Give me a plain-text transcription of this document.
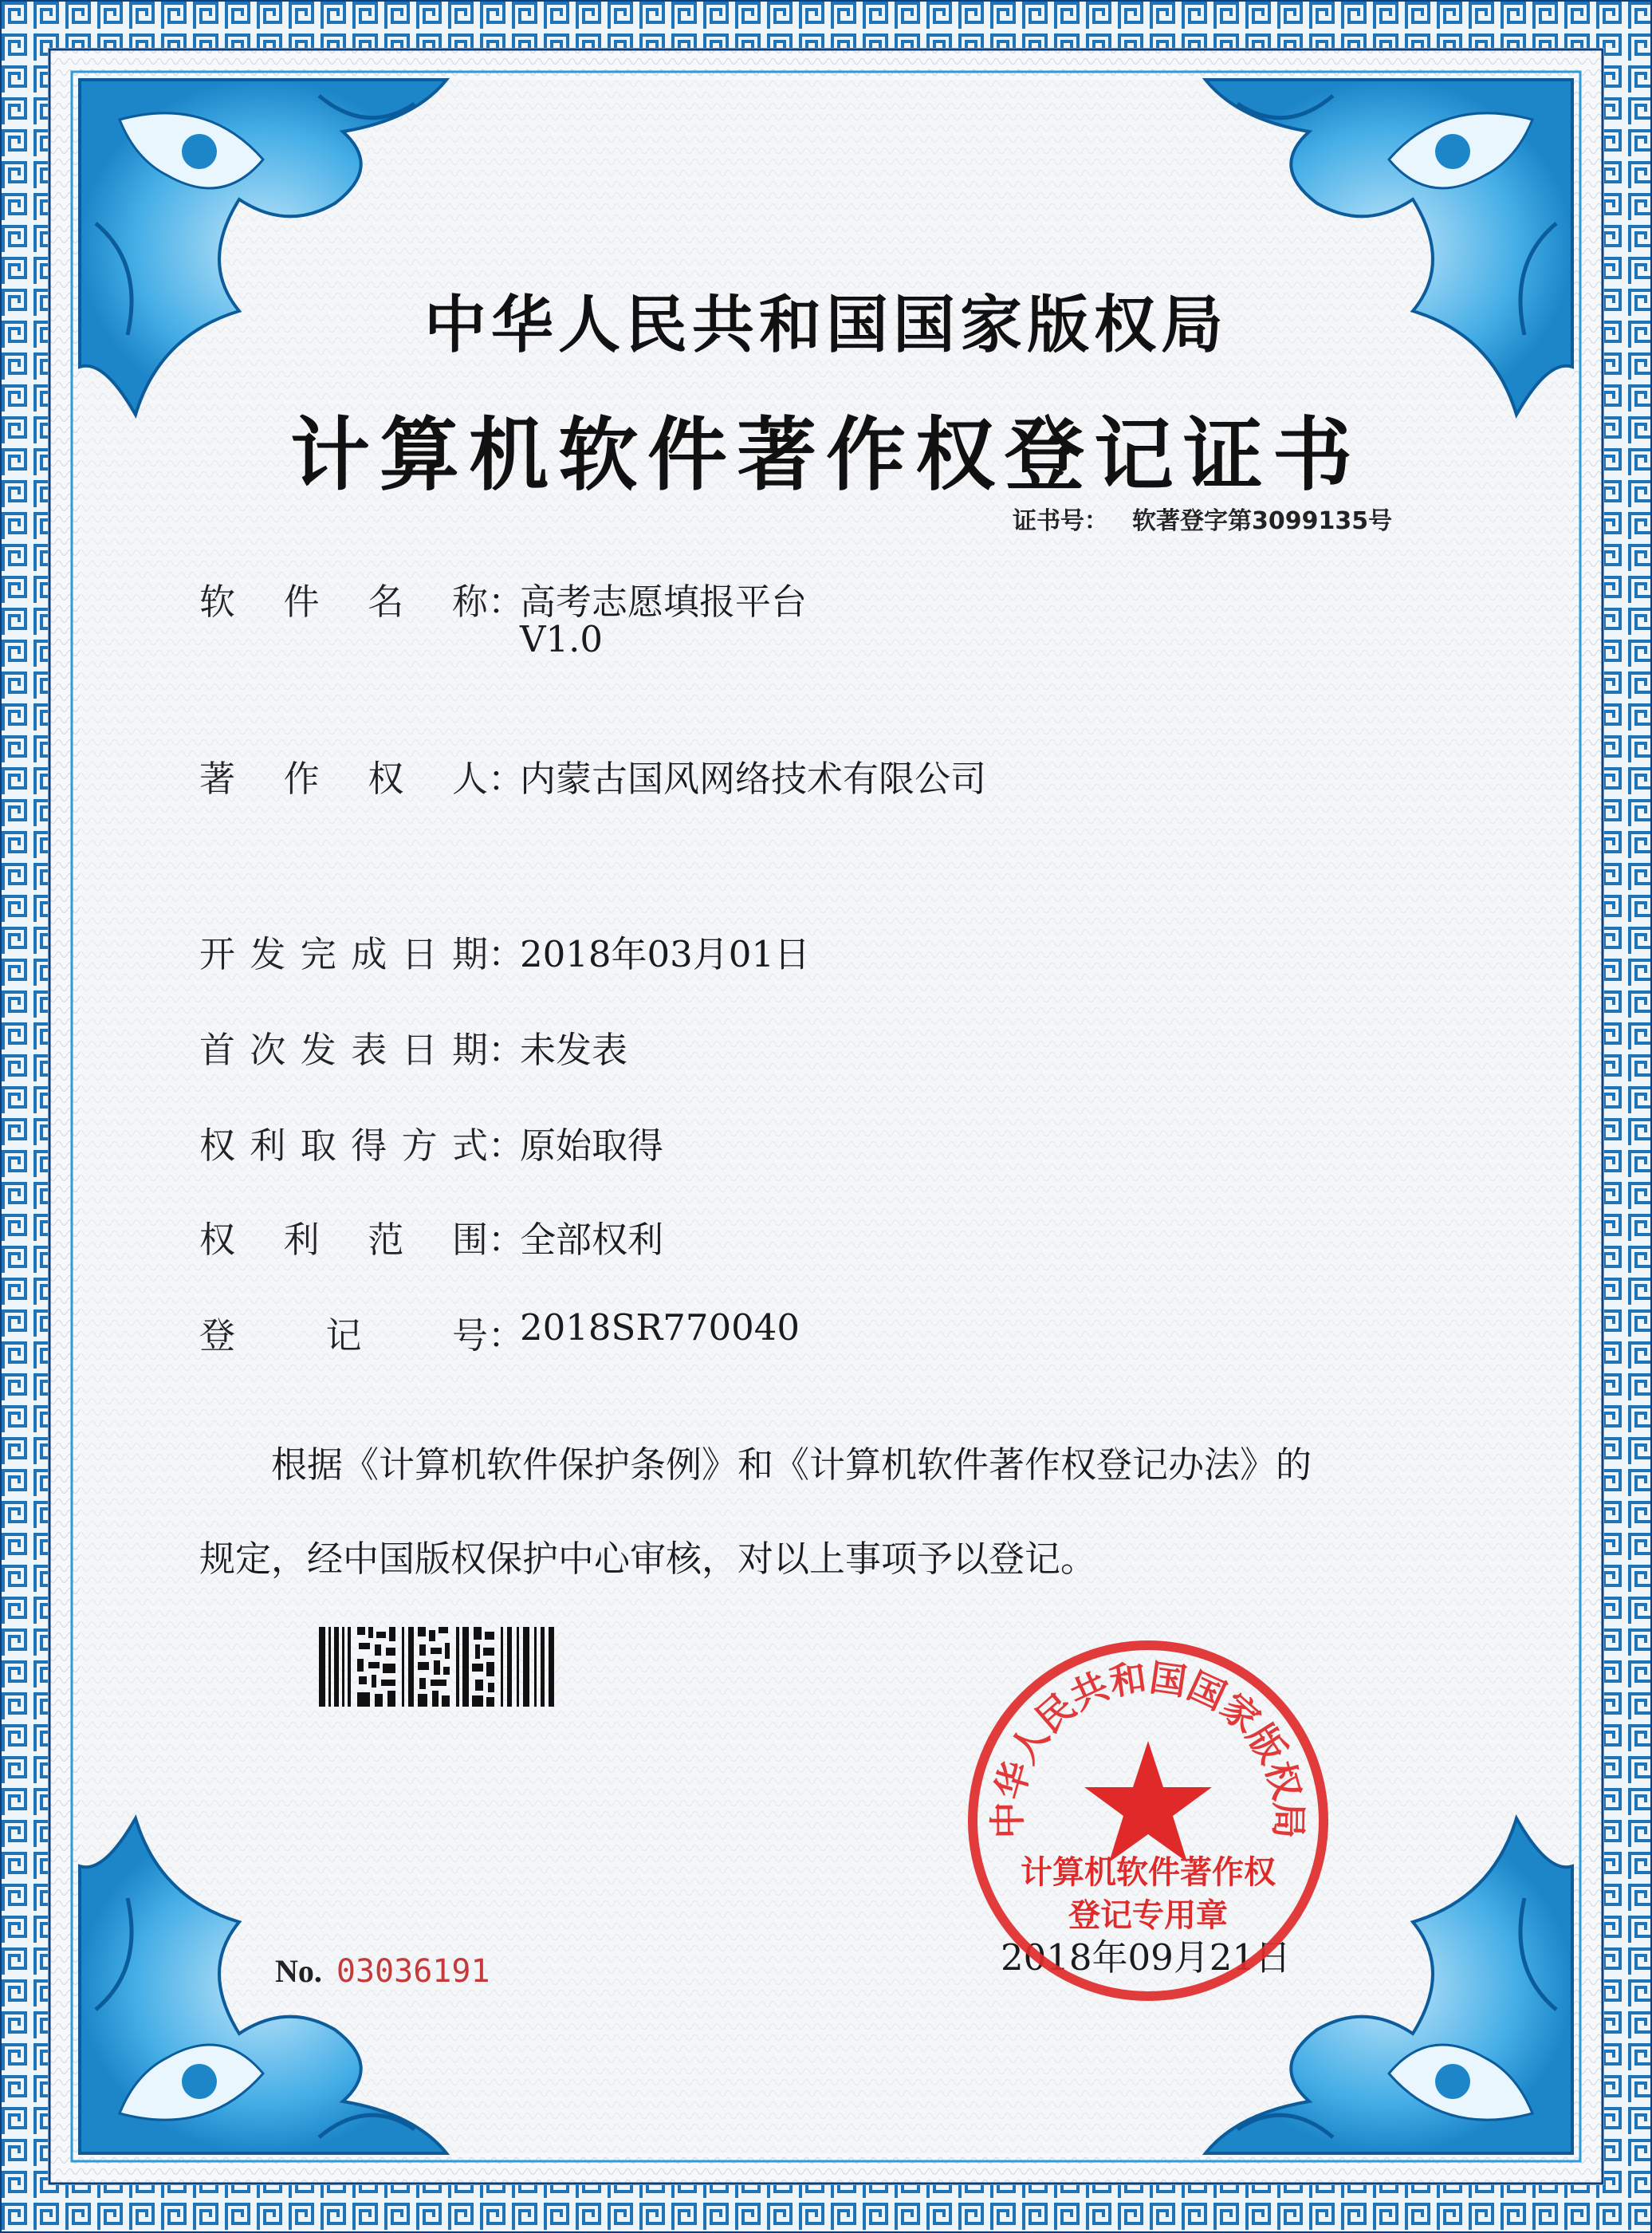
中华人民共和国国家版权局
计算机软件著作权登记证书
证书号： 软著登字第3099135号
软件名称：高考志愿填报平台
V1.0
著作权人：内蒙古国风网络技术有限公司
开发完成日期：2018年03月01日
首次发表日期：未发表
权利取得方式：原始取得
权利范围：全部权利
登记号：2018SR770040
根据《计算机软件保护条例》和《计算机软件著作权登记办法》的
规定，经中国版权保护中心审核，对以上事项予以登记。
No. 03036191	2018年09月21日
中华人民共和国国家版权局
计算机软件著作权
登记专用章
